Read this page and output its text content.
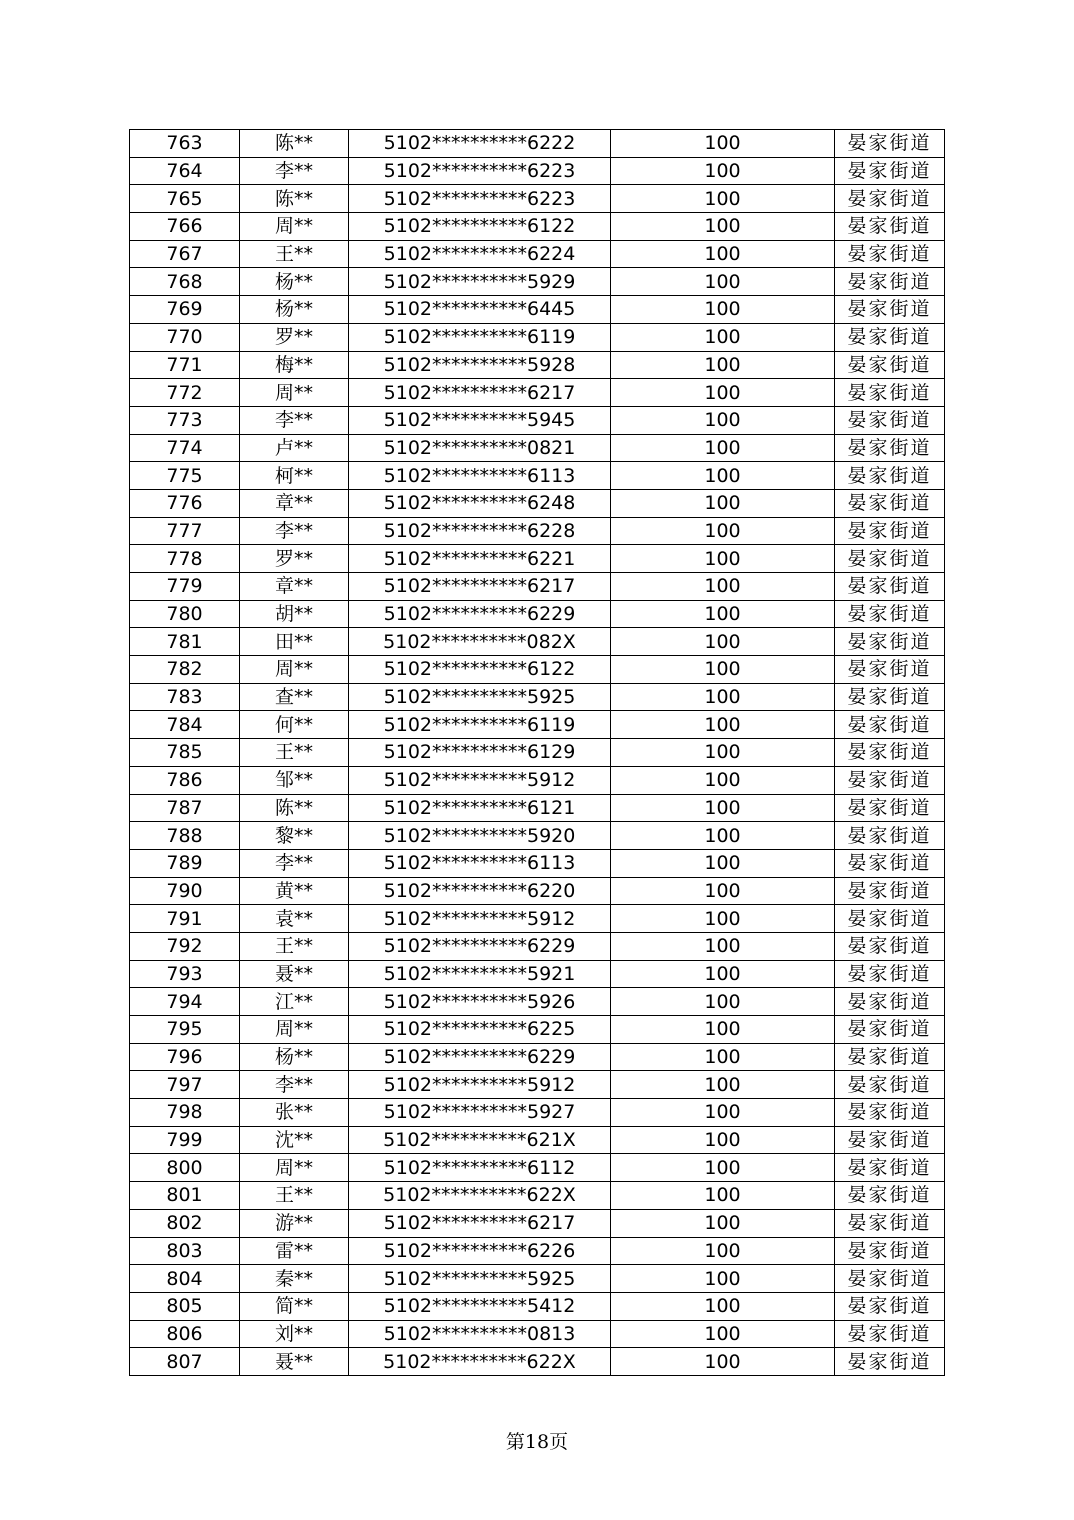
763	陈**	5102**********6222	100	晏家街道
764	李**	5102**********6223	100	晏家街道
765	陈**	5102**********6223	100	晏家街道
766	周**	5102**********6122	100	晏家街道
767	王**	5102**********6224	100	晏家街道
768	杨**	5102**********5929	100	晏家街道
769	杨**	5102**********6445	100	晏家街道
770	罗**	5102**********6119	100	晏家街道
771	梅**	5102**********5928	100	晏家街道
772	周**	5102**********6217	100	晏家街道
773	李**	5102**********5945	100	晏家街道
774	卢**	5102**********0821	100	晏家街道
775	柯**	5102**********6113	100	晏家街道
776	章**	5102**********6248	100	晏家街道
777	李**	5102**********6228	100	晏家街道
778	罗**	5102**********6221	100	晏家街道
779	章**	5102**********6217	100	晏家街道
780	胡**	5102**********6229	100	晏家街道
781	田**	5102**********082X	100	晏家街道
782	周**	5102**********6122	100	晏家街道
783	查**	5102**********5925	100	晏家街道
784	何**	5102**********6119	100	晏家街道
785	王**	5102**********6129	100	晏家街道
786	邹**	5102**********5912	100	晏家街道
787	陈**	5102**********6121	100	晏家街道
788	黎**	5102**********5920	100	晏家街道
789	李**	5102**********6113	100	晏家街道
790	黄**	5102**********6220	100	晏家街道
791	袁**	5102**********5912	100	晏家街道
792	王**	5102**********6229	100	晏家街道
793	聂**	5102**********5921	100	晏家街道
794	江**	5102**********5926	100	晏家街道
795	周**	5102**********6225	100	晏家街道
796	杨**	5102**********6229	100	晏家街道
797	李**	5102**********5912	100	晏家街道
798	张**	5102**********5927	100	晏家街道
799	沈**	5102**********621X	100	晏家街道
800	周**	5102**********6112	100	晏家街道
801	王**	5102**********622X	100	晏家街道
802	游**	5102**********6217	100	晏家街道
803	雷**	5102**********6226	100	晏家街道
804	秦**	5102**********5925	100	晏家街道
805	简**	5102**********5412	100	晏家街道
806	刘**	5102**********0813	100	晏家街道
807	聂**	5102**********622X	100	晏家街道
第18页
